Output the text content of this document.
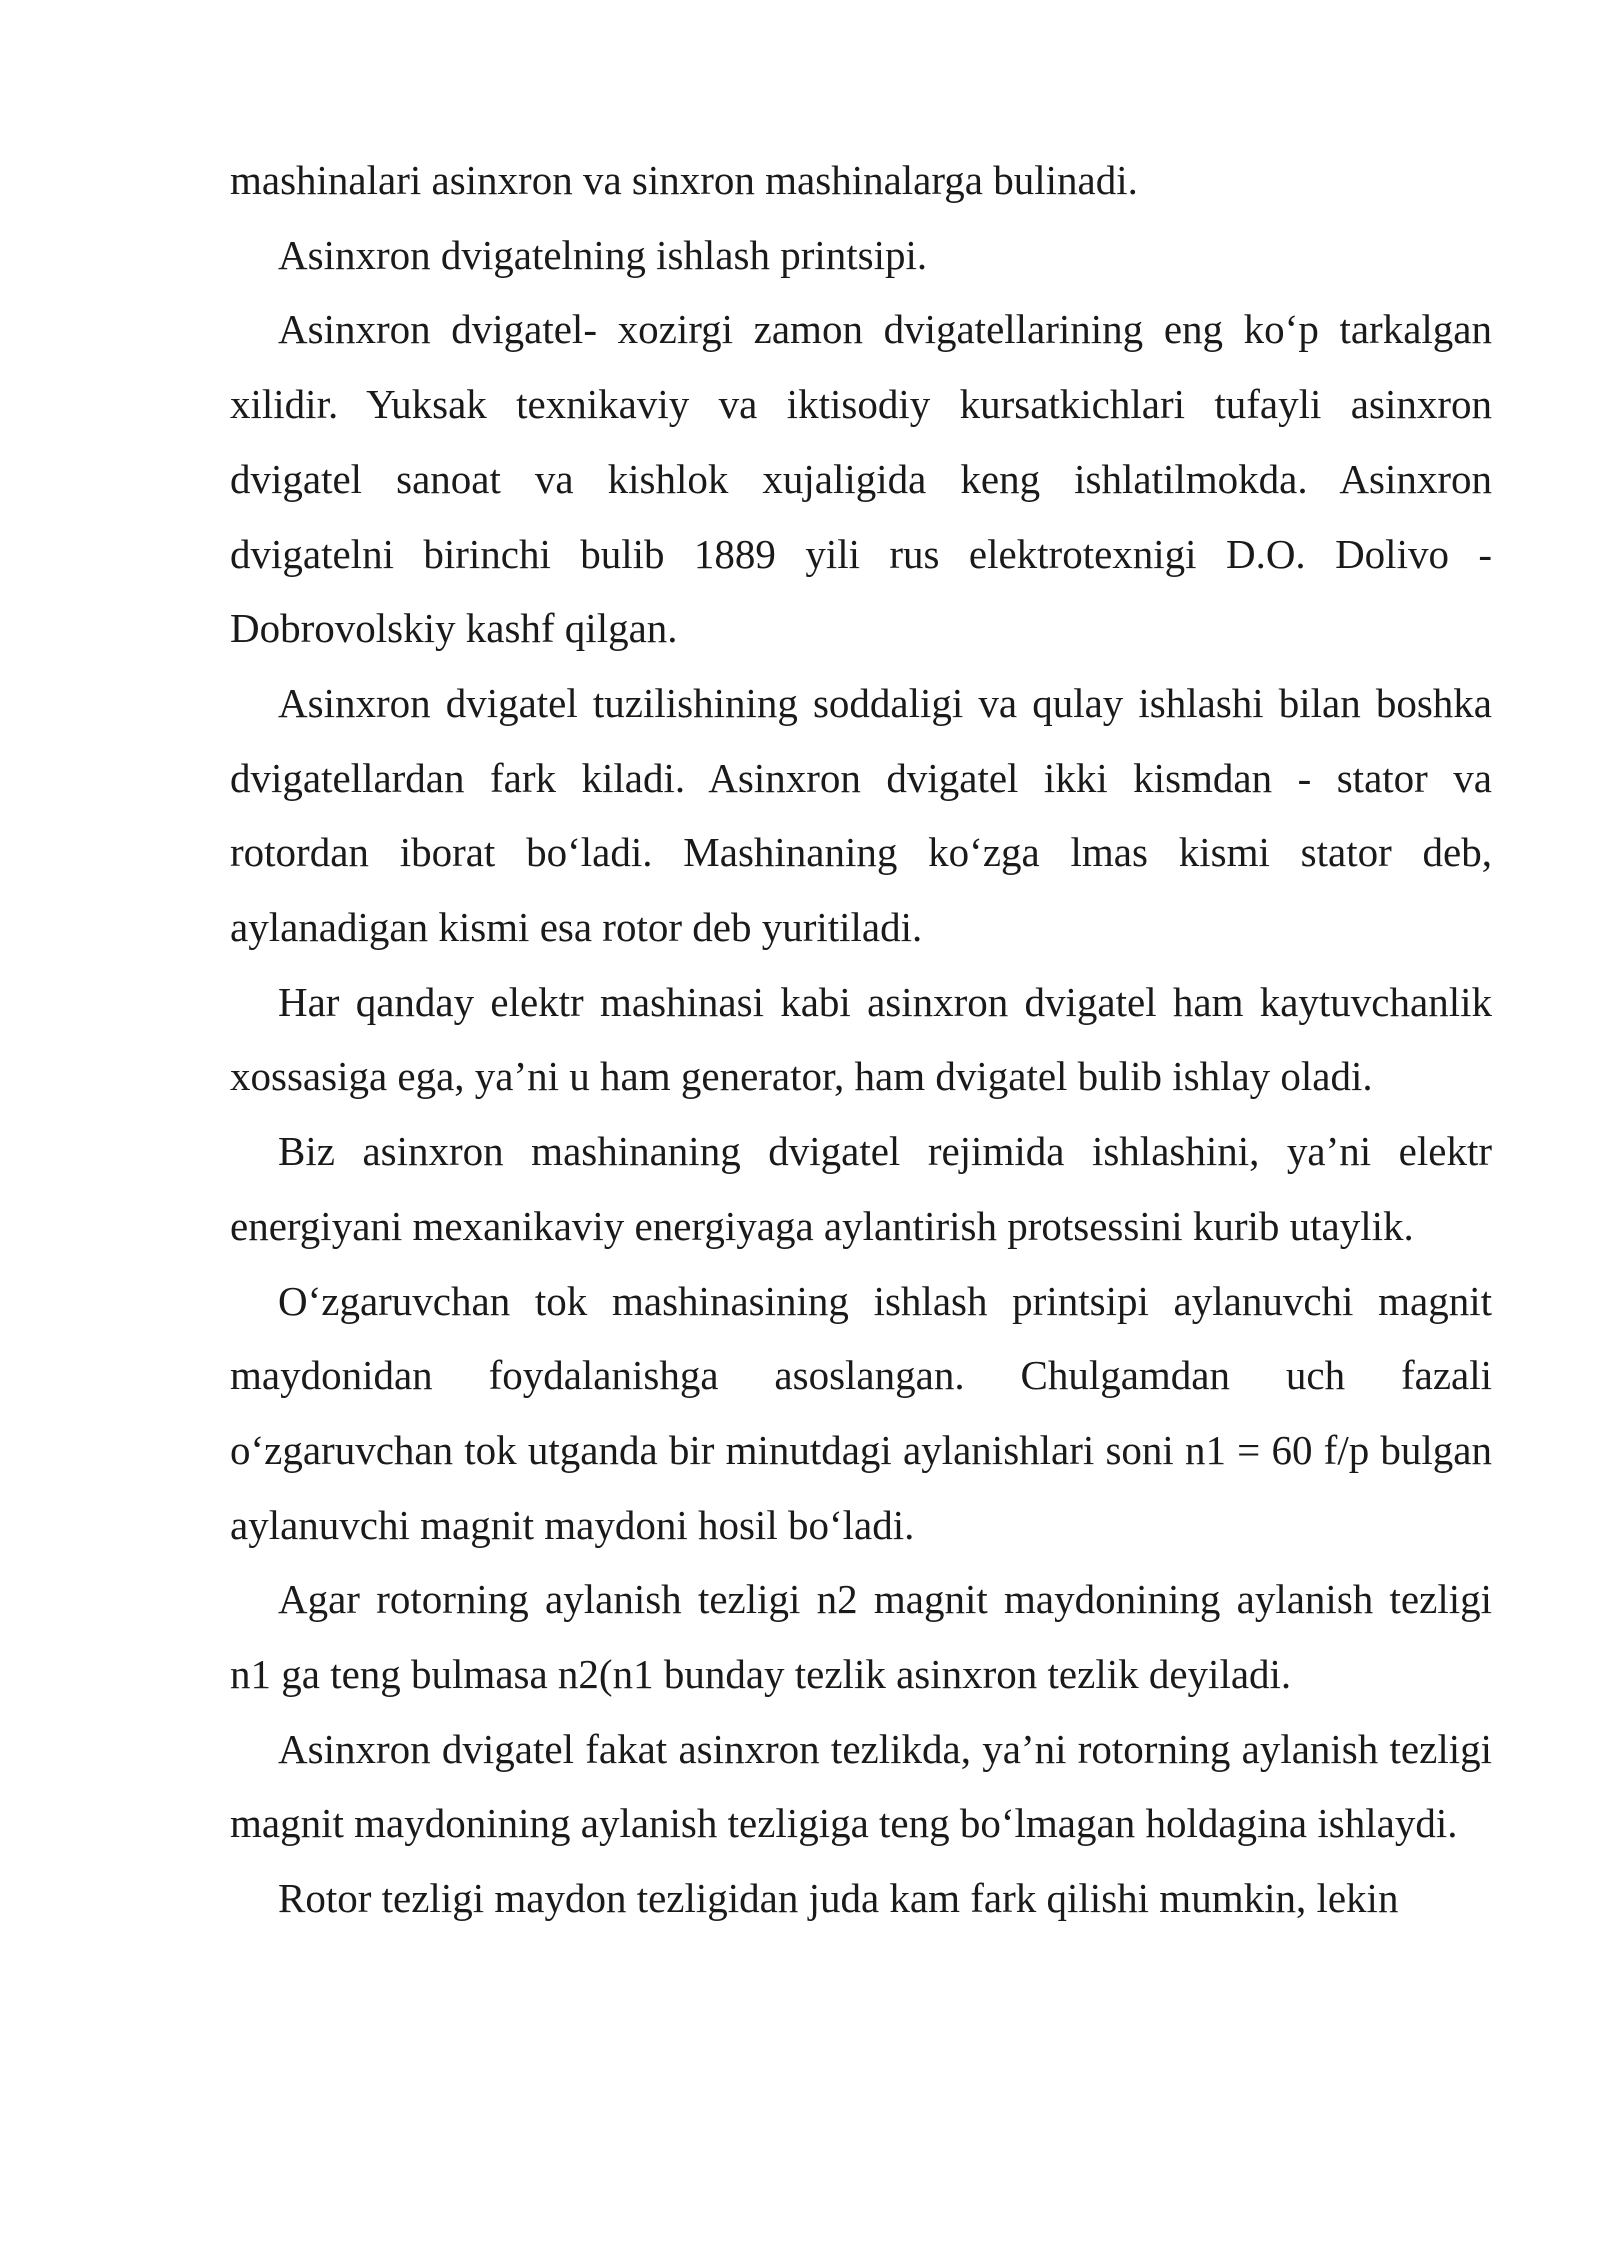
mashinalari asinxron va sinxron mashinalarga bulinadi.

Asinxron dvigatelning ishlash printsipi.

Asinxron dvigatel- xozirgi zamon dvigatellarining eng ko‘p tarkalgan xilidir. Yuksak texnikaviy va iktisodiy kursatkichlari tufayli asinxron dvigatel sanoat va kishlok xujaligida keng ishlatilmokda. Asinxron dvigatelni birinchi bulib 1889 yili rus elektrotexnigi D.O. Dolivo -Dobrovolskiy kashf qilgan.

Asinxron dvigatel tuzilishining soddaligi va qulay ishlashi bilan boshka dvigatellardan fark kiladi. Asinxron dvigatel ikki kismdan - stator va rotordan iborat bo‘ladi. Mashinaning ko‘zga lmas kismi stator deb, aylanadigan kismi esa rotor deb yuritiladi.

Har qanday elektr mashinasi kabi asinxron dvigatel ham kaytuvchanlik xossasiga ega, ya’ni u ham generator, ham dvigatel bulib ishlay oladi.

Biz asinxron mashinaning dvigatel rejimida ishlashini, ya’ni elektr energiyani mexanikaviy energiyaga aylantirish protsessini kurib utaylik.

O‘zgaruvchan tok mashinasining ishlash printsipi aylanuvchi magnit maydonidan foydalanishga asoslangan. Chulgamdan uch fazali o‘zgaruvchan tok utganda bir minutdagi aylanishlari soni n1 = 60 f/p bulgan aylanuvchi magnit maydoni hosil bo‘ladi.

Agar rotorning aylanish tezligi n2 magnit maydonining aylanish tezligi n1 ga teng bulmasa n2(n1 bunday tezlik asinxron tezlik deyiladi.

Asinxron dvigatel fakat asinxron tezlikda, ya’ni rotorning aylanish tezligi magnit maydonining aylanish tezligiga teng bo‘lmagan holdagina ishlaydi.

Rotor tezligi maydon tezligidan juda kam fark qilishi mumkin, lekin
